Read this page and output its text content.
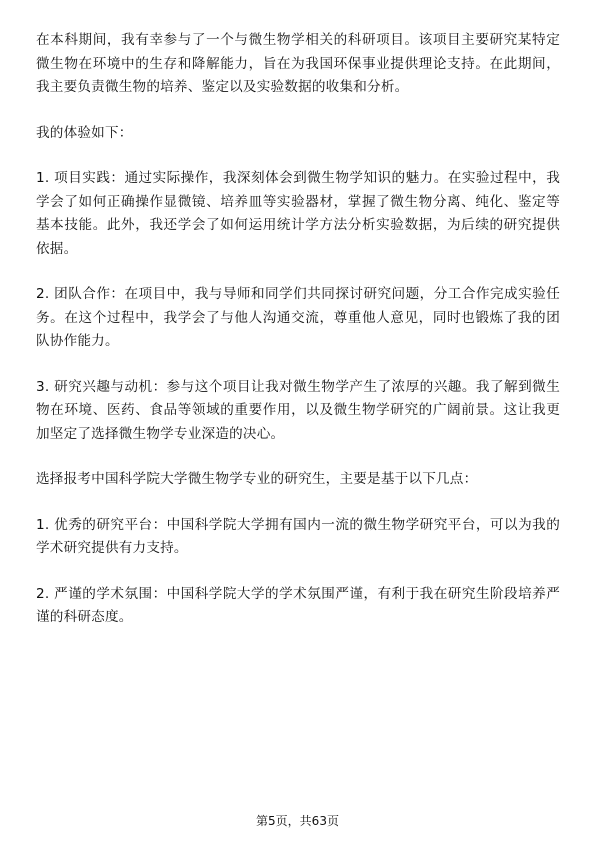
在本科期间，我有幸参与了一个与微生物学相关的科研项目。该项目主要研究某特定微生物在环境中的生存和降解能力，旨在为我国环保事业提供理论支持。在此期间，我主要负责微生物的培养、鉴定以及实验数据的收集和分析。

我的体验如下：

1. 项目实践：通过实际操作，我深刻体会到微生物学知识的魅力。在实验过程中，我学会了如何正确操作显微镜、培养皿等实验器材，掌握了微生物分离、纯化、鉴定等基本技能。此外，我还学会了如何运用统计学方法分析实验数据，为后续的研究提供依据。

2. 团队合作：在项目中，我与导师和同学们共同探讨研究问题，分工合作完成实验任务。在这个过程中，我学会了与他人沟通交流，尊重他人意见，同时也锻炼了我的团队协作能力。

3. 研究兴趣与动机：参与这个项目让我对微生物学产生了浓厚的兴趣。我了解到微生物在环境、医药、食品等领域的重要作用，以及微生物学研究的广阔前景。这让我更加坚定了选择微生物学专业深造的决心。

选择报考中国科学院大学微生物学专业的研究生，主要是基于以下几点：

1. 优秀的研究平台：中国科学院大学拥有国内一流的微生物学研究平台，可以为我的学术研究提供有力支持。

2. 严谨的学术氛围：中国科学院大学的学术氛围严谨，有利于我在研究生阶段培养严谨的科研态度。

第5页，共63页
